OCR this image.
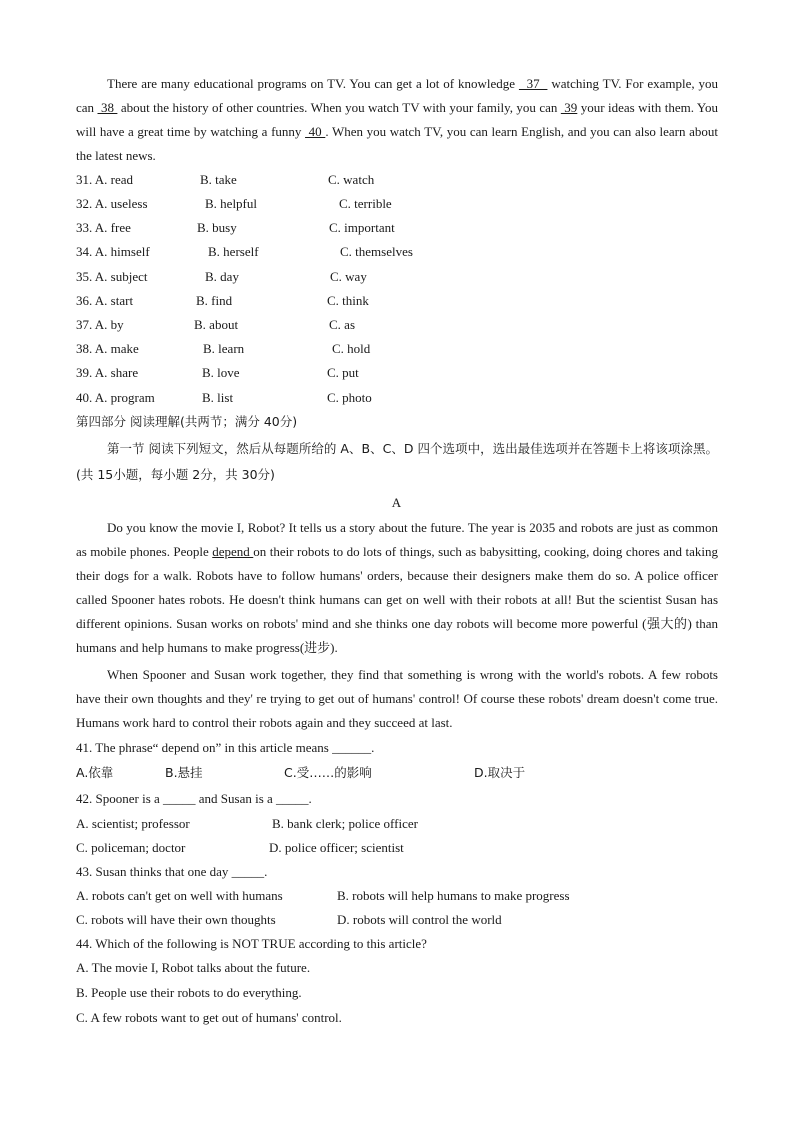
There are many educational programs on TV. You can get a lot of knowledge   37   watching TV. For example, you can  38  about the history of other countries. When you watch TV with your family, you can  39 your ideas with them. You will have a great time by watching a funny  40 . When you watch TV, you can learn English, and you can also learn about the latest news.

31. A. read	B. take	C. watch
32. A. useless	B. helpful	C. terrible
33. A. free	B. busy	C. important
34. A. himself	B. herself	C. themselves
35. A. subject	B. day	C. way
36. A. start	B. find	C. think
37. A. by	B. about	C. as
38. A. make	B. learn	C. hold
39. A. share	B. love	C. put
40. A. program	B. list	C. photo
第四部分 阅读理解(共两节；满分 40分)

第一节 阅读下列短文，然后从每题所给的 A、B、C、D 四个选项中，选出最佳选项并在答题卡上将该项涂黑。(共 15小题，每小题 2分，共 30分)

A

Do you know the movie I, Robot? It tells us a story about the future. The year is 2035 and robots are just as common as mobile phones. People depend on their robots to do lots of things, such as babysitting, cooking, doing chores and taking their dogs for a walk. Robots have to follow humans' orders, because their designers make them do so. A police officer called Spooner hates robots. He doesn't think humans can get on well with their robots at all! But the scientist Susan has different opinions. Susan works on robots' mind and she thinks one day robots will become more powerful (强大的) than humans and help humans to make progress(进步).

When Spooner and Susan work together, they find that something is wrong with the world's robots. A few robots have their own thoughts and they' re trying to get out of humans' control! Of course these robots' dream doesn't come true. Humans work hard to control their robots again and they succeed at last.

41. The phrase“ depend on” in this article means ______.
A.依靠	B.悬挂	C.受……的影响	D.取决于
42. Spooner is a _____ and Susan is a _____.
A. scientist; professor	B. bank clerk; police officer
C. policeman; doctor	D. police officer; scientist
43. Susan thinks that one day _____.
A. robots can't get on well with humans	B. robots will help humans to make progress
C. robots will have their own thoughts	D. robots will control the world
44. Which of the following is NOT TRUE according to this article?
A. The movie I, Robot talks about the future.
B. People use their robots to do everything.
C. A few robots want to get out of humans' control.
